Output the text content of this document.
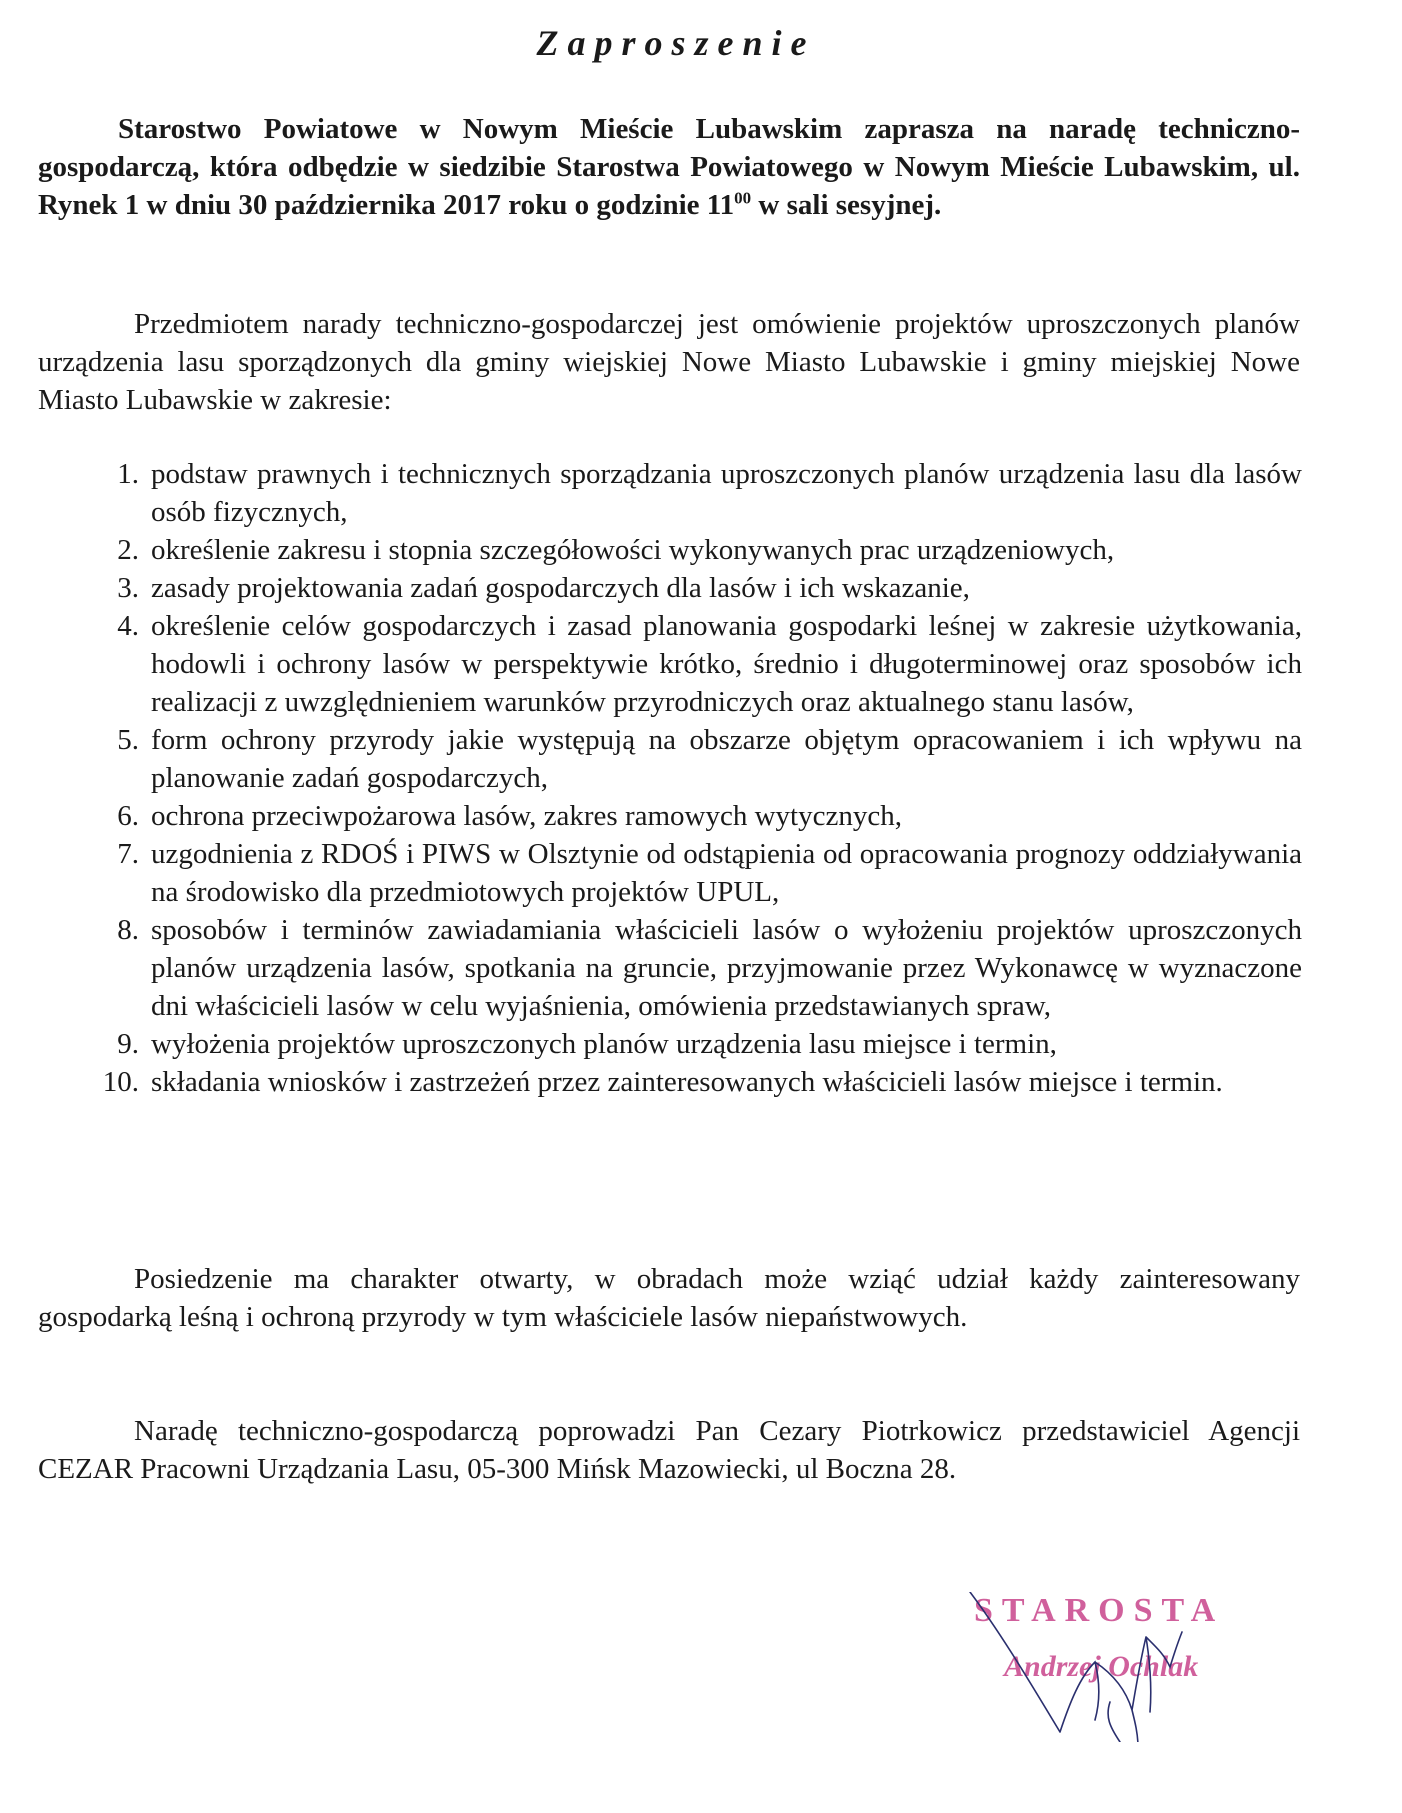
Zaproszenie
Starostwo Powiatowe w Nowym Mieście Lubawskim zaprasza na naradę techniczno-gospodarczą, która odbędzie w siedzibie Starostwa Powiatowego w Nowym Mieście Lubawskim, ul. Rynek 1 w dniu 30 października 2017 roku o godzinie $11^{00}$ w sali sesyjnej.
Przedmiotem narady techniczno-gospodarczej jest omówienie projektów uproszczonych planów urządzenia lasu sporządzonych dla gminy wiejskiej Nowe Miasto Lubawskie i gminy miejskiej Nowe Miasto Lubawskie w zakresie:
1. podstaw prawnych i technicznych sporządzania uproszczonych planów urządzenia lasu dla lasów osób fizycznych,
2. określenie zakresu i stopnia szczegółowości wykonywanych prac urządzeniowych,
3. zasady projektowania zadań gospodarczych dla lasów i ich wskazanie,
4. określenie celów gospodarczych i zasad planowania gospodarki leśnej w zakresie użytkowania, hodowli i ochrony lasów w perspektywie krótko, średnio i długoterminowej oraz sposobów ich realizacji z uwzględnieniem warunków przyrodniczych oraz aktualnego stanu lasów,
5. form ochrony przyrody jakie występują na obszarze objętym opracowaniem i ich wpływu na planowanie zadań gospodarczych,
6. ochrona przeciwpożarowa lasów, zakres ramowych wytycznych,
7. uzgodnienia z RDOŚ i PIWS w Olsztynie od odstąpienia od opracowania prognozy oddziaływania na środowisko dla przedmiotowych projektów UPUL,
8. sposobów i terminów zawiadamiania właścicieli lasów o wyłożeniu projektów uproszczonych planów urządzenia lasów, spotkania na gruncie, przyjmowanie przez Wykonawcę w wyznaczone dni właścicieli lasów w celu wyjaśnienia, omówienia przedstawianych spraw,
9. wyłożenia projektów uproszczonych planów urządzenia lasu miejsce i termin,
10. składania wniosków i zastrzeżeń przez zainteresowanych właścicieli lasów miejsce i termin.
Posiedzenie ma charakter otwarty, w obradach może wziąć udział każdy zainteresowany gospodarką leśną i ochroną przyrody w tym właściciele lasów niepaństwowych.
Naradę techniczno-gospodarczą poprowadzi Pan Cezary Piotrkowicz przedstawiciel Agencji CEZAR Pracowni Urządzania Lasu, 05-300 Mińsk Mazowiecki, ul Boczna 28.
STAROSTA
Andrzej Ochlak
